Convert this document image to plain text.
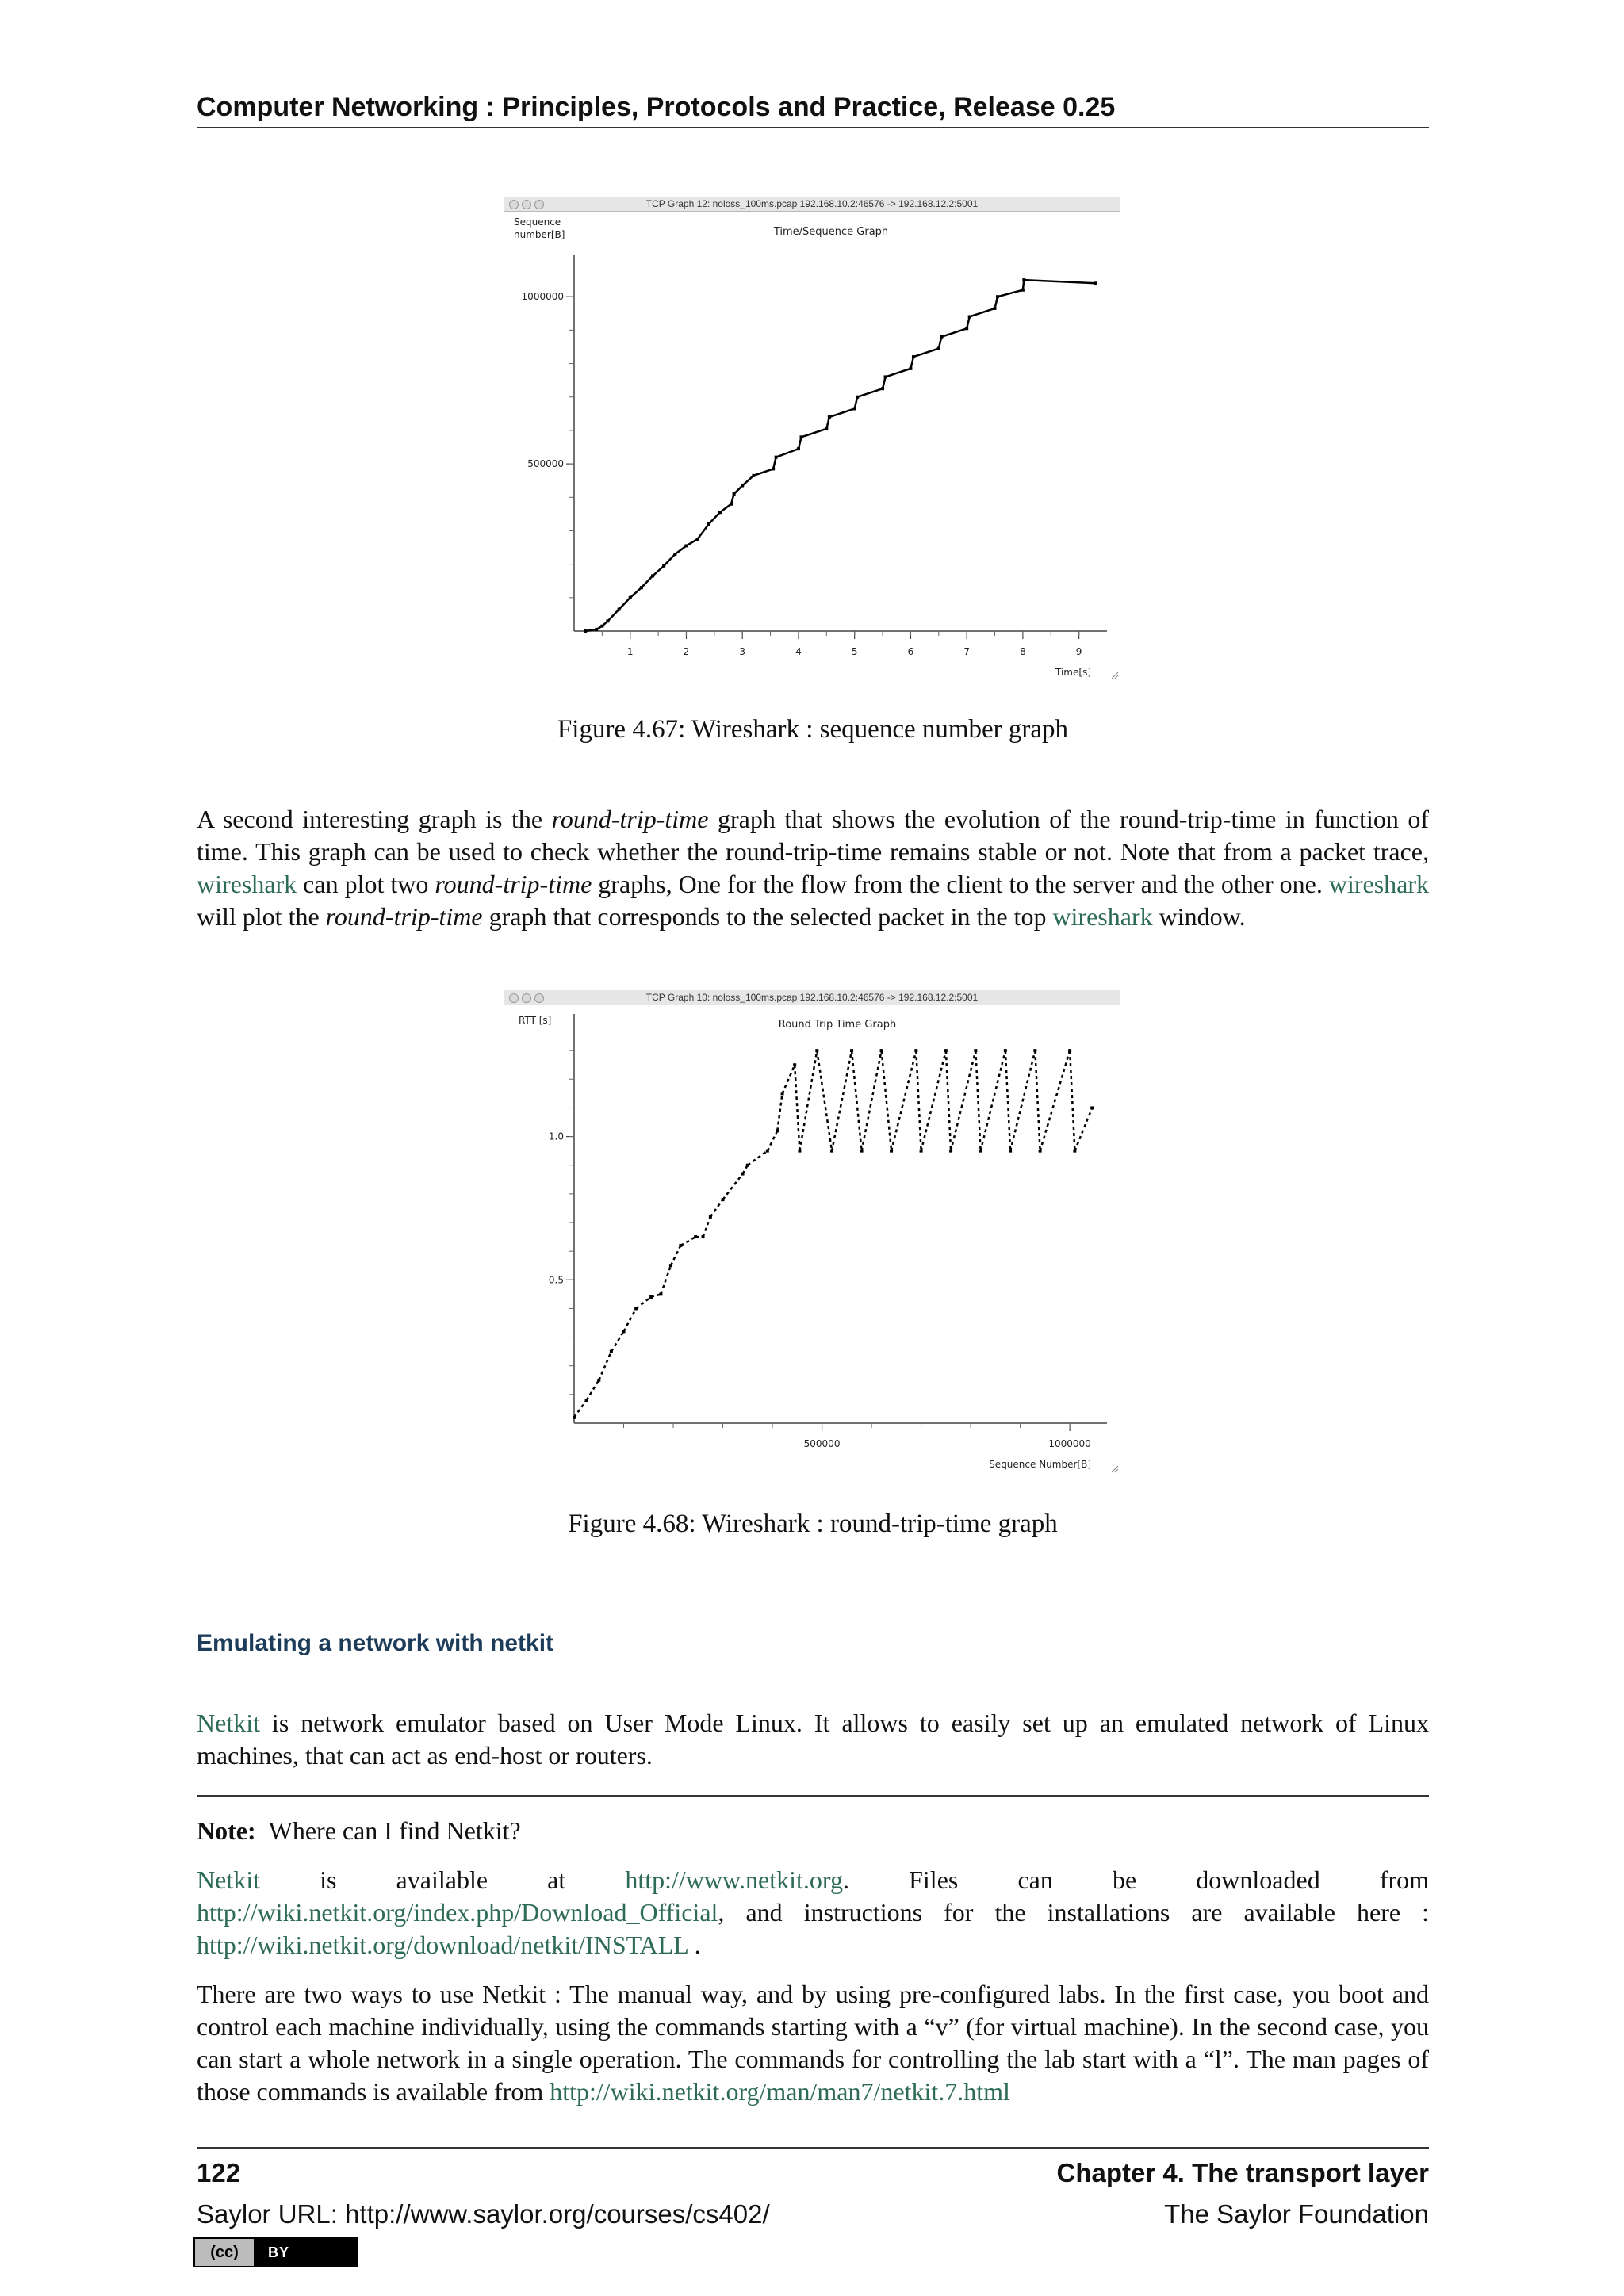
Computer Networking : Principles, Protocols and Practice, Release 0.25
TCP Graph 12: noloss_100ms.pcap 192.168.10.2:46576 -> 192.168.12.2:5001
Time/Sequence Graph
Time[s]
Sequence
number[B]
1	2	3	4	5	6	7	8	9
500000
1000000
Figure 4.67: Wireshark : sequence number graph
A second interesting graph is the round-trip-time graph that shows the evolution of the round-trip-time in function of time. This graph can be used to check whether the round-trip-time remains stable or not. Note that from a packet trace, wireshark can plot two round-trip-time graphs, One for the flow from the client to the server and the other one. wireshark will plot the round-trip-time graph that corresponds to the selected packet in the top wireshark window.
TCP Graph 10: noloss_100ms.pcap 192.168.10.2:46576 -> 192.168.12.2:5001
Round Trip Time Graph
Sequence Number[B]
RTT [s]
500000	1000000
0.5
1.0
Figure 4.68: Wireshark : round-trip-time graph
Emulating a network with netkit
Netkit is network emulator based on User Mode Linux. It allows to easily set up an emulated network of Linux machines, that can act as end-host or routers.
Note: Where can I find Netkit?
Netkit is available at http://www.netkit.org. Files can be downloaded from http://wiki.netkit.org/index.php/Download_Official, and instructions for the installations are available here : http://wiki.netkit.org/download/netkit/INSTALL .
There are two ways to use Netkit : The manual way, and by using pre-configured labs. In the first case, you boot and control each machine individually, using the commands starting with a “v” (for virtual machine). In the second case, you can start a whole network in a single operation. The commands for controlling the lab start with a “l”. The man pages of those commands is available from http://wiki.netkit.org/man/man7/netkit.7.html
122	Chapter 4. The transport layer
Saylor URL: http://www.saylor.org/courses/cs402/	The Saylor Foundation
(cc)	BY
